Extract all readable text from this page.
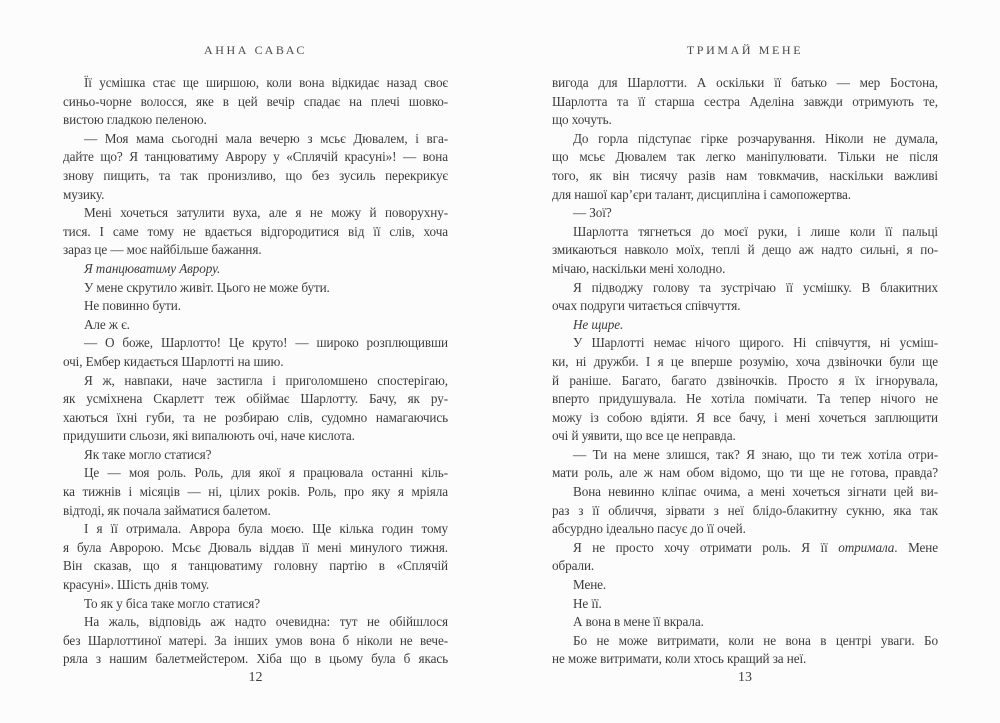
АННА САВАС
Її усмішка стає ще ширшою, коли вона відкидає назад своє
синьо-чорне волосся, яке в цей вечір спадає на плечі шовко-
вистою гладкою пеленою.
— Моя мама сьогодні мала вечерю з мсьє Дювалем, і вга-
дайте що? Я танцюватиму Аврору у «Сплячій красуні»! — вона
знову пищить, та так пронизливо, що без зусиль перекрикує
музику.
Мені хочеться затулити вуха, але я не можу й поворухну-
тися. І саме тому не вдається відгородитися від її слів, хоча
зараз це — моє найбільше бажання.
Я танцюватиму Аврору.
У мене скрутило живіт. Цього не може бути.
Не повинно бути.
Але ж є.
— О боже, Шарлотто! Це круто! — широко розплющивши
очі, Ембер кидається Шарлотті на шию.
Я ж, навпаки, наче застигла і приголомшено спостерігаю,
як усміхнена Скарлетт теж обіймає Шарлотту. Бачу, як ру-
хаються їхні губи, та не розбираю слів, судомно намагаючись
придушити сльози, які випалюють очі, наче кислота.
Як таке могло статися?
Це — моя роль. Роль, для якої я працювала останні кіль-
ка тижнів і місяців — ні, цілих років. Роль, про яку я мріяла
відтоді, як почала займатися балетом.
І я її отримала. Аврора була моєю. Ще кілька годин тому
я була Авророю. Мсьє Дюваль віддав її мені минулого тижня.
Він сказав, що я танцюватиму головну партію в «Сплячій
красуні». Шість днів тому.
То як у біса таке могло статися?
На жаль, відповідь аж надто очевидна: тут не обійшлося
без Шарлоттиної матері. За інших умов вона б ніколи не вече-
ряла з нашим балетмейстером. Хіба що в цьому була б якась
12
ТРИМАЙ МЕНЕ
вигода для Шарлотти. А оскільки її батько — мер Бостона,
Шарлотта та її старша сестра Аделіна завжди отримують те,
що хочуть.
До горла підступає гірке розчарування. Ніколи не думала,
що мсьє Дювалем так легко маніпулювати. Тільки не після
того, як він тисячу разів нам товкмачив, наскільки важливі
для нашої кар’єри талант, дисципліна і самопожертва.
— Зої?
Шарлотта тягнеться до моєї руки, і лише коли її пальці
змикаються навколо моїх, теплі й дещо аж надто сильні, я по-
мічаю, наскільки мені холодно.
Я підводжу голову та зустрічаю її усмішку. В блакитних
очах подруги читається співчуття.
Не щире.
У Шарлотті немає нічого щирого. Ні співчуття, ні усміш-
ки, ні дружби. І я це вперше розумію, хоча дзвіночки були ще
й раніше. Багато, багато дзвіночків. Просто я їх ігнорувала,
вперто придушувала. Не хотіла помічати. Та тепер нічого не
можу із собою вдіяти. Я все бачу, і мені хочеться заплющити
очі й уявити, що все це неправда.
— Ти на мене злишся, так? Я знаю, що ти теж хотіла отри-
мати роль, але ж нам обом відомо, що ти ще не готова, правда?
Вона невинно кліпає очима, а мені хочеться зігнати цей ви-
раз з її обличчя, зірвати з неї блідо-блакитну сукню, яка так
абсурдно ідеально пасує до її очей.
Я не просто хочу отримати роль. Я її отримала. Мене
обрали.
Мене.
Не її.
А вона в мене її вкрала.
Бо не може витримати, коли не вона в центрі уваги. Бо
не може витримати, коли хтось кращий за неї.
13
